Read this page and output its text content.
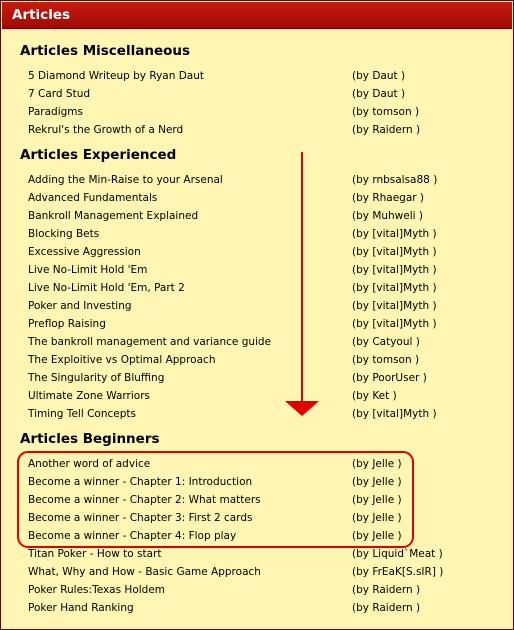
Articles
Articles Miscellaneous
5 Diamond Writeup by Ryan Daut	(by Daut )
7 Card Stud	(by Daut )
Paradigms	(by tomson )
Rekrul's the Growth of a Nerd	(by Raidern )
Articles Experienced
Adding the Min-Raise to your Arsenal	(by rnbsalsa88 )
Advanced Fundamentals	(by Rhaegar )
Bankroll Management Explained	(by Muhweli )
Blocking Bets	(by [vital]Myth )
Excessive Aggression	(by [vital]Myth )
Live No-Limit Hold 'Em	(by [vital]Myth )
Live No-Limit Hold 'Em, Part 2	(by [vital]Myth )
Poker and Investing	(by [vital]Myth )
Preflop Raising	(by [vital]Myth )
The bankroll management and variance guide	(by Catyoul )
The Exploitive vs Optimal Approach	(by tomson )
The Singularity of Bluffing	(by PoorUser )
Ultimate Zone Warriors	(by Ket )
Timing Tell Concepts	(by [vital]Myth )
Articles Beginners
Another word of advice	(by Jelle )
Become a winner - Chapter 1: Introduction	(by Jelle )
Become a winner - Chapter 2: What matters	(by Jelle )
Become a winner - Chapter 3: First 2 cards	(by Jelle )
Become a winner - Chapter 4: Flop play	(by Jelle )
Titan Poker - How to start	(by Liquid`Meat )
What, Why and How - Basic Game Approach	(by FrEaK[S.sIR] )
Poker Rules:Texas Holdem	(by Raidern )
Poker Hand Ranking	(by Raidern )
